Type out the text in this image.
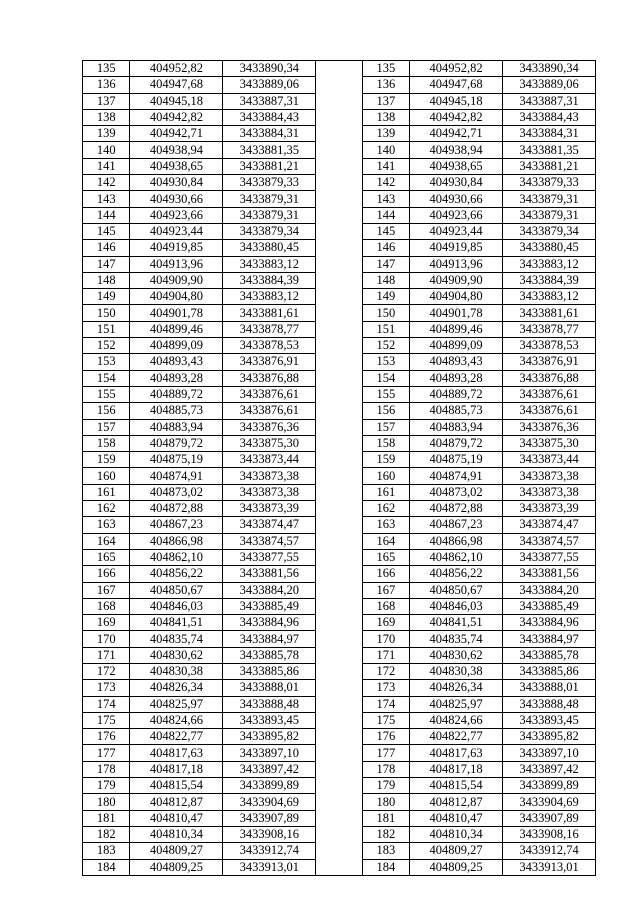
135	404952,82	3433890,34		135	404952,82	3433890,34
136	404947,68	3433889,06		136	404947,68	3433889,06
137	404945,18	3433887,31		137	404945,18	3433887,31
138	404942,82	3433884,43		138	404942,82	3433884,43
139	404942,71	3433884,31		139	404942,71	3433884,31
140	404938,94	3433881,35		140	404938,94	3433881,35
141	404938,65	3433881,21		141	404938,65	3433881,21
142	404930,84	3433879,33		142	404930,84	3433879,33
143	404930,66	3433879,31		143	404930,66	3433879,31
144	404923,66	3433879,31		144	404923,66	3433879,31
145	404923,44	3433879,34		145	404923,44	3433879,34
146	404919,85	3433880,45		146	404919,85	3433880,45
147	404913,96	3433883,12		147	404913,96	3433883,12
148	404909,90	3433884,39		148	404909,90	3433884,39
149	404904,80	3433883,12		149	404904,80	3433883,12
150	404901,78	3433881,61		150	404901,78	3433881,61
151	404899,46	3433878,77		151	404899,46	3433878,77
152	404899,09	3433878,53		152	404899,09	3433878,53
153	404893,43	3433876,91		153	404893,43	3433876,91
154	404893,28	3433876,88		154	404893,28	3433876,88
155	404889,72	3433876,61		155	404889,72	3433876,61
156	404885,73	3433876,61		156	404885,73	3433876,61
157	404883,94	3433876,36		157	404883,94	3433876,36
158	404879,72	3433875,30		158	404879,72	3433875,30
159	404875,19	3433873,44		159	404875,19	3433873,44
160	404874,91	3433873,38		160	404874,91	3433873,38
161	404873,02	3433873,38		161	404873,02	3433873,38
162	404872,88	3433873,39		162	404872,88	3433873,39
163	404867,23	3433874,47		163	404867,23	3433874,47
164	404866,98	3433874,57		164	404866,98	3433874,57
165	404862,10	3433877,55		165	404862,10	3433877,55
166	404856,22	3433881,56		166	404856,22	3433881,56
167	404850,67	3433884,20		167	404850,67	3433884,20
168	404846,03	3433885,49		168	404846,03	3433885,49
169	404841,51	3433884,96		169	404841,51	3433884,96
170	404835,74	3433884,97		170	404835,74	3433884,97
171	404830,62	3433885,78		171	404830,62	3433885,78
172	404830,38	3433885,86		172	404830,38	3433885,86
173	404826,34	3433888,01		173	404826,34	3433888,01
174	404825,97	3433888,48		174	404825,97	3433888,48
175	404824,66	3433893,45		175	404824,66	3433893,45
176	404822,77	3433895,82		176	404822,77	3433895,82
177	404817,63	3433897,10		177	404817,63	3433897,10
178	404817,18	3433897,42		178	404817,18	3433897,42
179	404815,54	3433899,89		179	404815,54	3433899,89
180	404812,87	3433904,69		180	404812,87	3433904,69
181	404810,47	3433907,89		181	404810,47	3433907,89
182	404810,34	3433908,16		182	404810,34	3433908,16
183	404809,27	3433912,74		183	404809,27	3433912,74
184	404809,25	3433913,01		184	404809,25	3433913,01
